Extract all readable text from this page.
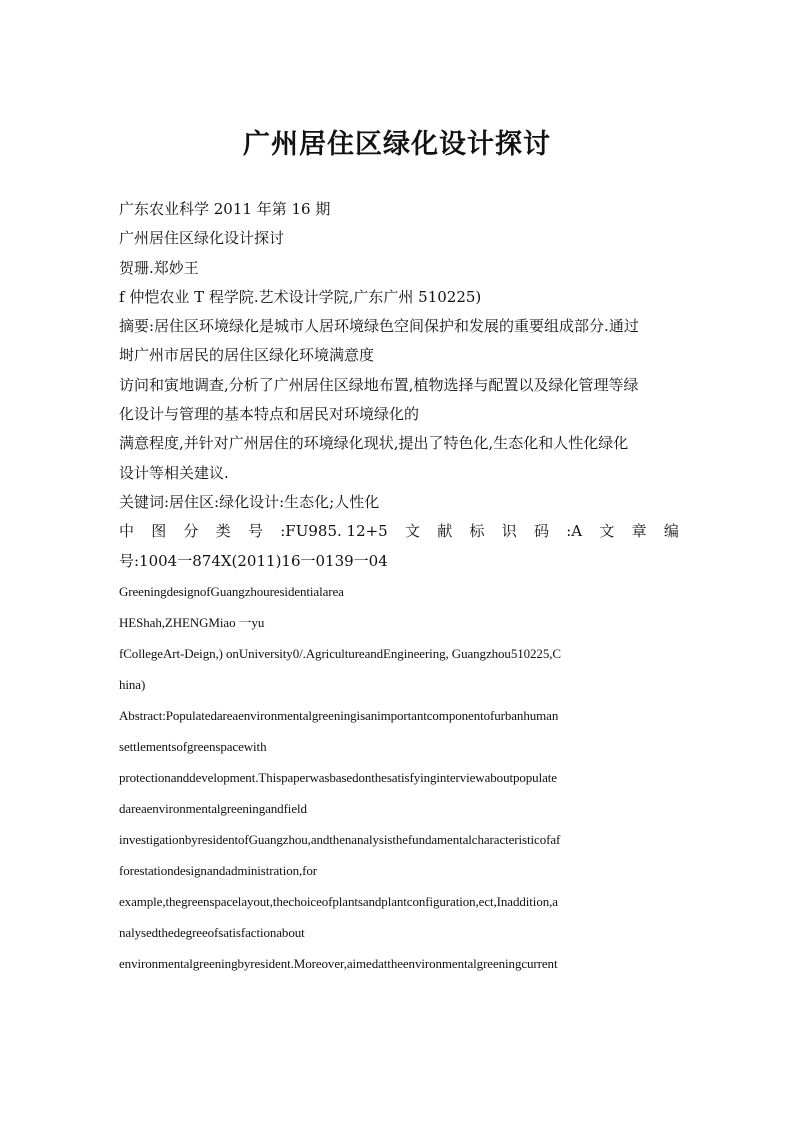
广州居住区绿化设计探讨
广东农业科学 2011 年第 16 期
广州居住区绿化设计探讨
贺珊.郑妙王
f 仲恺农业 T 程学院.艺术设计学院,广东广州 510225)
摘要:居住区环境绿化是城市人居环境绿色空间保护和发展的重要组成部分.通过
埘广州市居民的居住区绿化环境满意度
访问和寅地调查,分析了广州居住区绿地布置,植物选择与配置以及绿化管理等绿
化设计与管理的基本特点和居民对环境绿化的
满意程度,并针对广州居住的环境绿化现状,提出了特色化,生态化和人性化绿化
设计等相关建议.
关键词:居住区:绿化设计:生态化;人性化
中 图 分 类 号 :FU985. 12+5 文 献 标 识 码 :A 文 章 编
号:1004一874X(2011)16一0139一04
GreeningdesignofGuangzhouresidentialarea
HEShah,ZHENGMiao 一yu
fCollegeArt-Deign,) onUniversity0/.AgricultureandEngineering, Guangzhou510225,C
hina)
Abstract:Populatedareaenvironmentalgreeningisanimportantcomponentofurbanhuman
settlementsofgreenspacewith
protectionanddevelopment.Thispaperwasbasedonthesatisfyinginterviewaboutpopulate
dareaenvironmentalgreeningandfield
investigationbyresidentofGuangzhou,andthenanalysisthefundamentalcharacteristicofaf
forestationdesignandadministration,for
example,thegreenspacelayout,thechoiceofplantsandplantconfiguration,ect,Inaddition,a
nalysedthedegreeofsatisfactionabout
environmentalgreeningbyresident.Moreover,aimedattheenvironmentalgreeningcurrent
